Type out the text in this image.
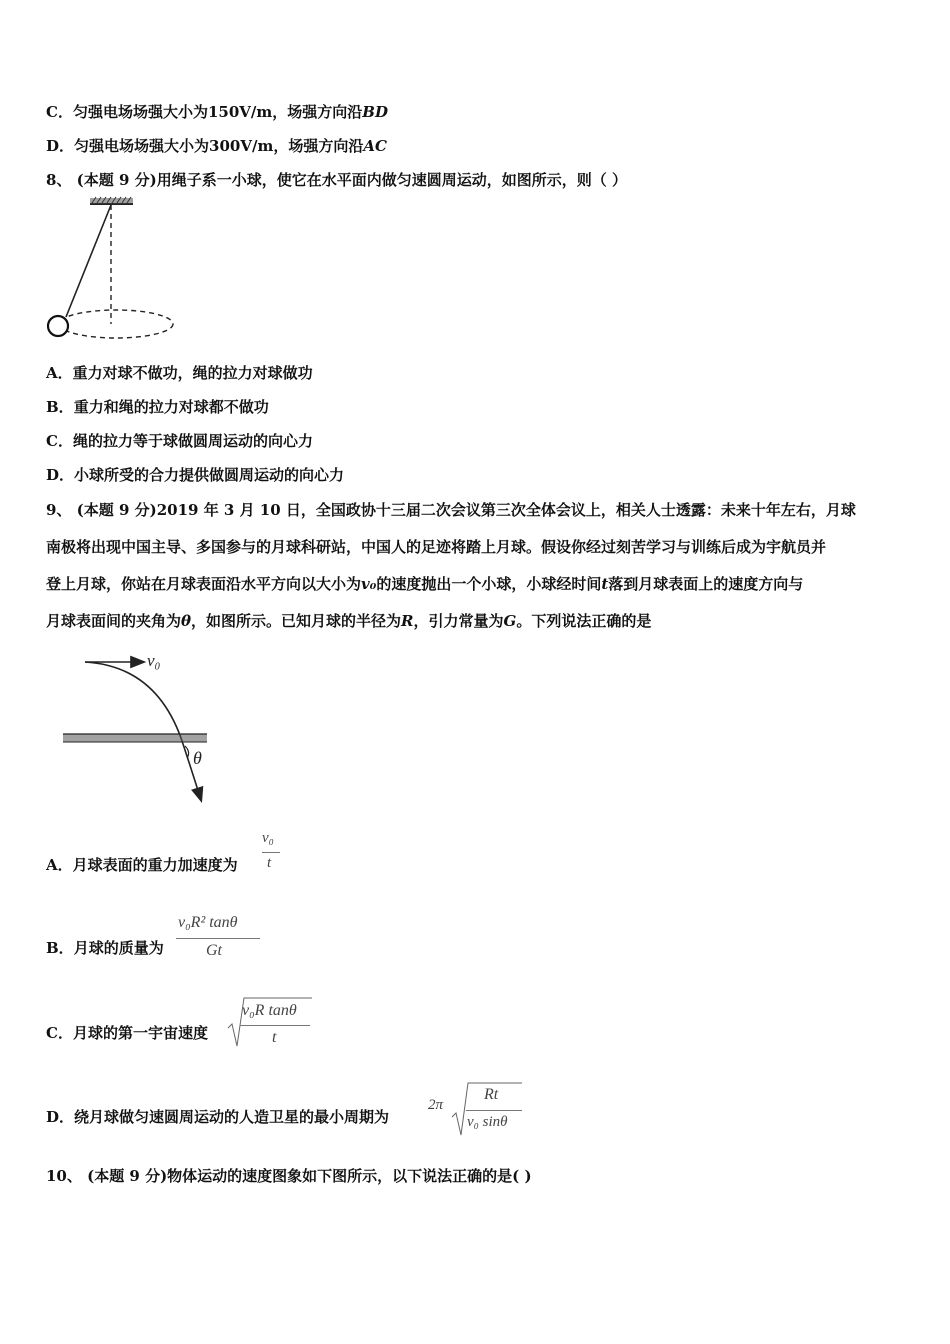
C．匀强电场场强大小为150V/m，场强方向沿BD
D．匀强电场场强大小为300V/m，场强方向沿AC
8、 (本题 9 分)用绳子系一小球，使它在水平面内做匀速圆周运动，如图所示，则（ ）
A．重力对球不做功，绳的拉力对球做功
B．重力和绳的拉力对球都不做功
C．绳的拉力等于球做圆周运动的向心力
D．小球所受的合力提供做圆周运动的向心力
9、 (本题 9 分)2019 年 3 月 10 日，全国政协十三届二次会议第三次全体会议上，相关人士透露：未来十年左右，月球
南极将出现中国主导、多国参与的月球科研站，中国人的足迹将踏上月球。假设你经过刻苦学习与训练后成为宇航员并
登上月球，你站在月球表面沿水平方向以大小为v₀的速度抛出一个小球，小球经时间t落到月球表面上的速度方向与
月球表面间的夹角为θ，如图所示。已知月球的半径为R，引力常量为G。下列说法正确的是
v₀
θ
A．月球表面的重力加速度为
v₀
t
B．月球的质量为
v₀R² tanθ
Gt
C．月球的第一宇宙速度
v₀R tanθ
t
D．绕月球做匀速圆周运动的人造卫星的最小周期为
2π
Rt
v₀ sinθ
10、 (本题 9 分)物体运动的速度图象如下图所示，以下说法正确的是( )
